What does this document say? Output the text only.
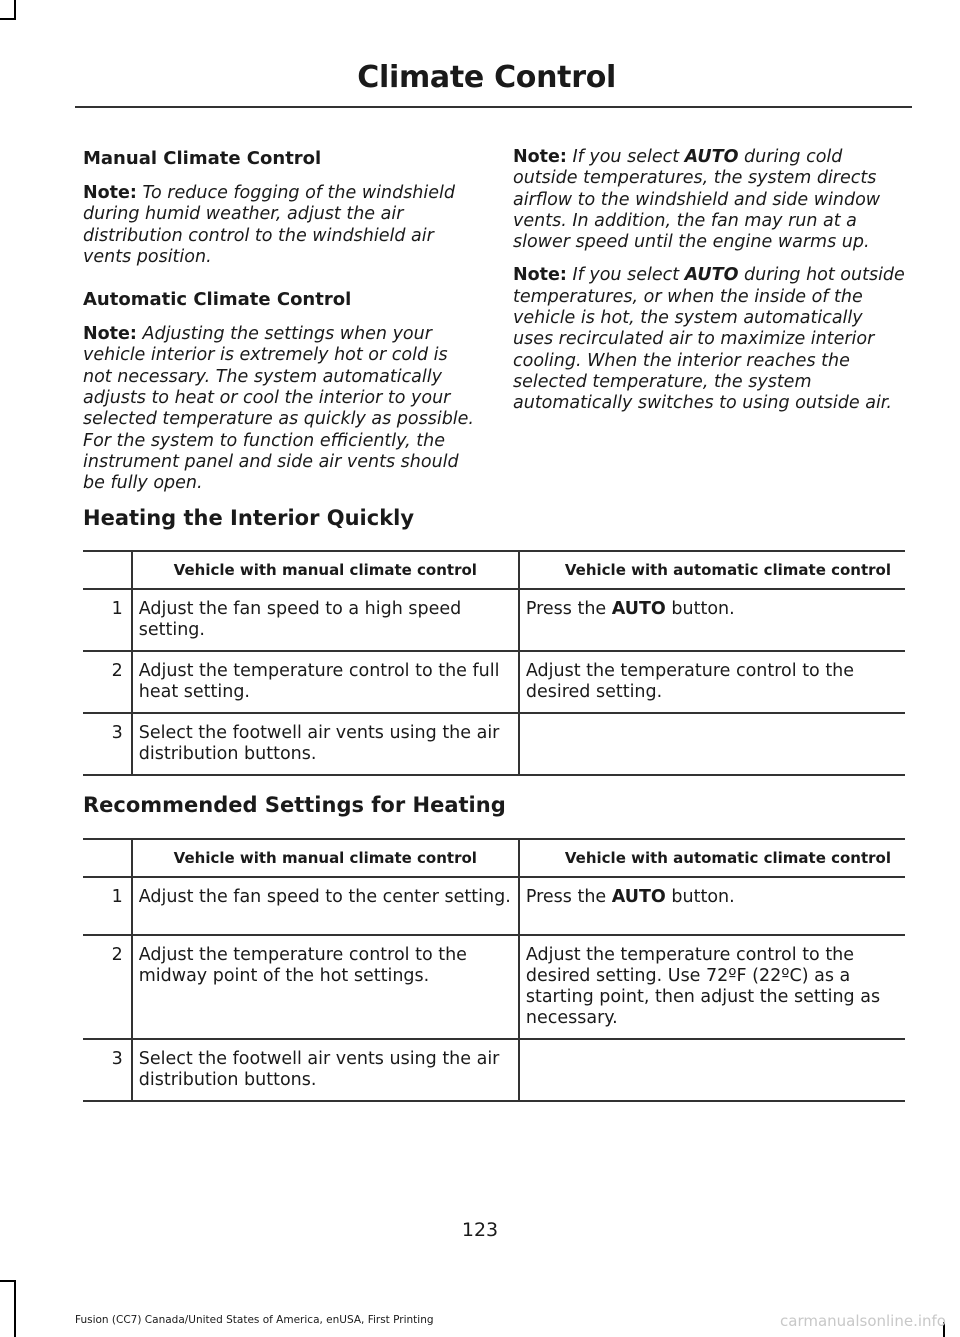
Climate Control
Manual Climate Control

Note: To reduce fogging of the windshield during humid weather, adjust the air distribution control to the windshield air vents position.

Automatic Climate Control

Note: Adjusting the settings when your vehicle interior is extremely hot or cold is not necessary. The system automatically adjusts to heat or cool the interior to your selected temperature as quickly as possible. For the system to function efficiently, the instrument panel and side air vents should be fully open.

Note: If you select AUTO during cold outside temperatures, the system directs airflow to the windshield and side window vents. In addition, the fan may run at a slower speed until the engine warms up.

Note: If you select AUTO during hot outside temperatures, or when the inside of the vehicle is hot, the system automatically uses recirculated air to maximize interior cooling. When the interior reaches the selected temperature, the system automatically switches to using outside air.

Heating the Interior Quickly
	Vehicle with manual climate control	Vehicle with automatic climate control
1	Adjust the fan speed to a high speed setting.	Press the AUTO button.
2	Adjust the temperature control to the full heat setting.	Adjust the temperature control to the desired setting.
3	Select the footwell air vents using the air distribution buttons.	
Recommended Settings for Heating
	Vehicle with manual climate control	Vehicle with automatic climate control
1	Adjust the fan speed to the center setting.	Press the AUTO button.
2	Adjust the temperature control to the midway point of the hot settings.	Adjust the temperature control to the desired setting. Use 72ºF (22ºC) as a starting point, then adjust the setting as necessary.
3	Select the footwell air vents using the air distribution buttons.	

123

Fusion (CC7) Canada/United States of America, enUSA, First Printing	carmanualsonline.info
